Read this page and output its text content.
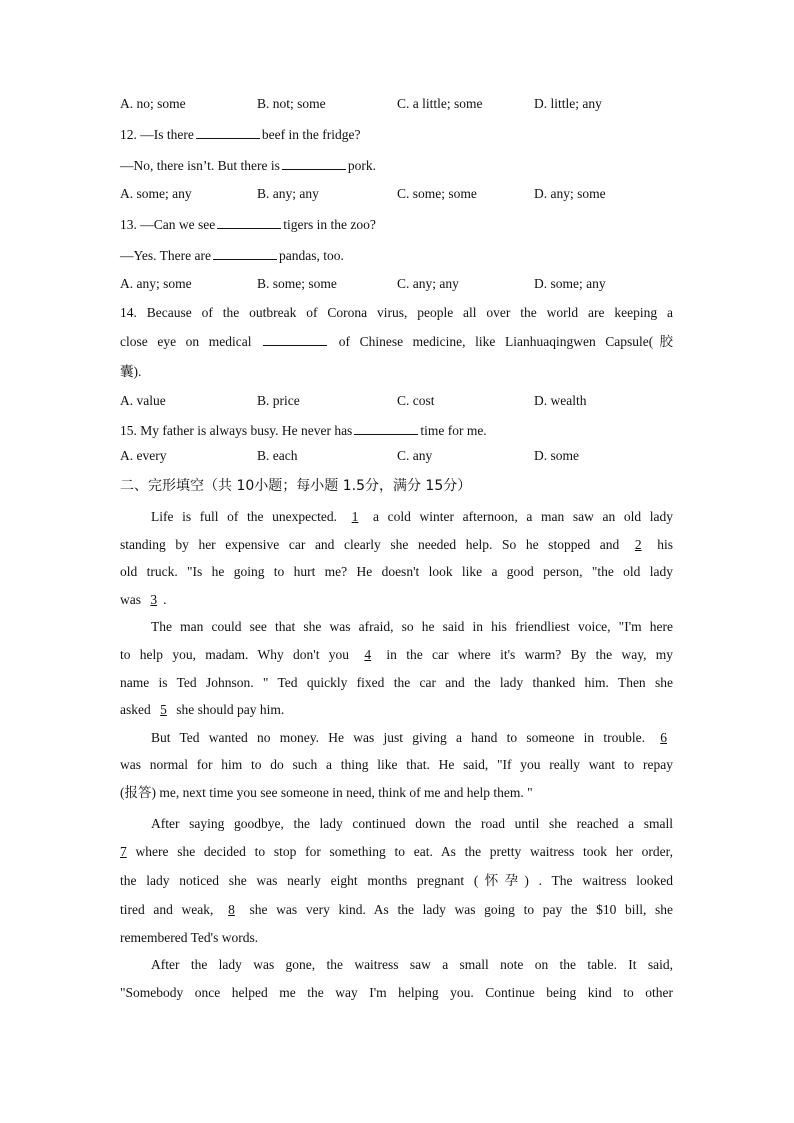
A. no; some	B. not; some	C. a little; some	D. little; any
12. —Is there	beef in the fridge?
—No, there isn’t. But there is	pork.
A. some; any	B. any; any	C. some; some	D. any; some
13. —Can we see	tigers in the zoo?
—Yes. There are	pandas, too.
A. any; some	B. some; some	C. any; any	D. some; any
14. Because of the outbreak of Corona virus, people all over the world are keeping a
close eye on medical	of Chinese medicine, like Lianhuaqingwen Capsule(胶
囊).
A. value	B. price	C. cost	D. wealth
15. My father is always busy. He never has	time for me.
A. every	B. each	C. any	D. some
二、完形填空（共 10小题；每小题 1.5分，满分 15分）
Life is full of the unexpected. 1 a cold winter afternoon, a man saw an old lady
standing by her expensive car and clearly she needed help. So he stopped and 2 his
old truck. "Is he going to hurt me? He doesn't look like a good person, "the old lady
was 3 .
The man could see that she was afraid, so he said in his friendliest voice, "I'm here
to help you, madam. Why don't you 4 in the car where it's warm? By the way, my
name is Ted Johnson. " Ted quickly fixed the car and the lady thanked him. Then she
asked 5 she should pay him.
But Ted wanted no money. He was just giving a hand to someone in trouble. 6
was normal for him to do such a thing like that. He said, "If you really want to repay
(报答) me, next time you see someone in need, think of me and help them. "
After saying goodbye, the lady continued down the road until she reached a small
7 where she decided to stop for something to eat. As the pretty waitress took her order,
the lady noticed she was nearly eight months pregnant (怀孕) . The waitress looked
tired and weak, 8 she was very kind. As the lady was going to pay the $10 bill, she
remembered Ted's words.
After the lady was gone, the waitress saw a small note on the table. It said,
"Somebody once helped me the way I'm helping you. Continue being kind to other
